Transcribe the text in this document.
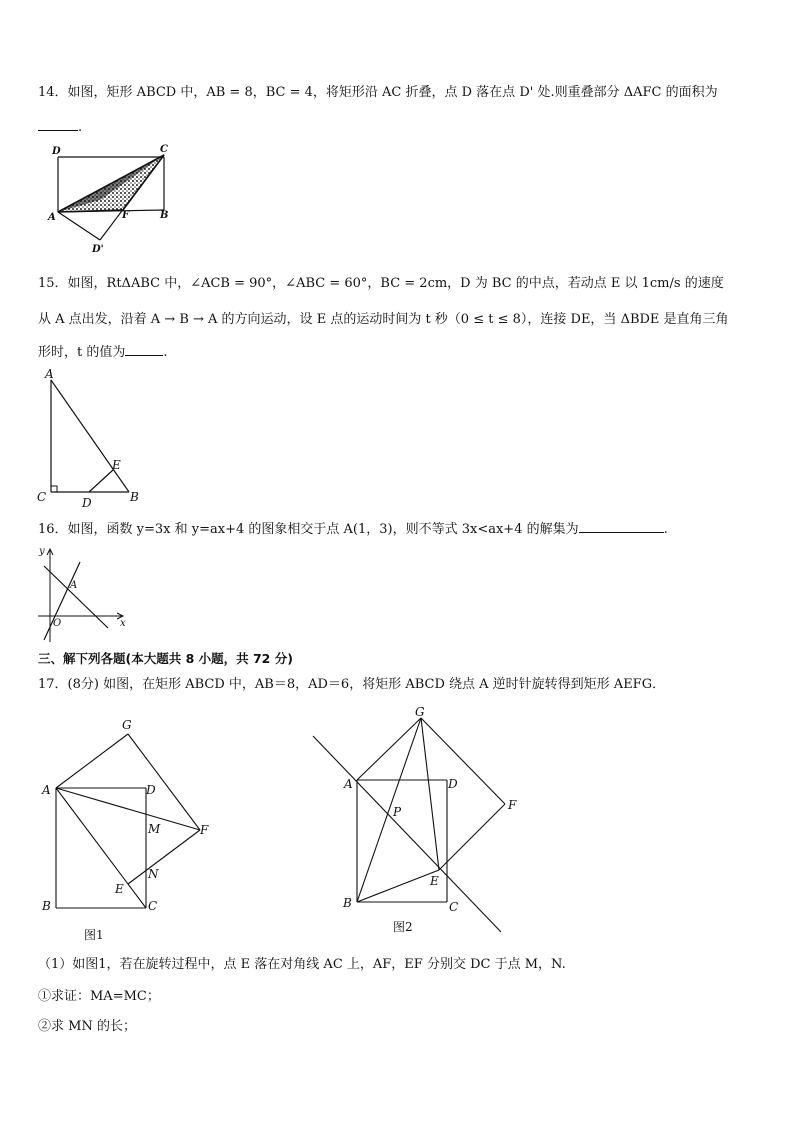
14．如图，矩形 ABCD 中，AB = 8，BC = 4，将矩形沿 AC 折叠，点 D 落在点 D' 处.则重叠部分 ΔAFC 的面积为
.
D	C
A	F	B
D'
15．如图，RtΔABC 中，∠ACB = 90°，∠ABC = 60°，BC = 2cm，D 为 BC 的中点，若动点 E 以 1cm/s 的速度
从 A 点出发，沿着 A → B → A 的方向运动，设 E 点的运动时间为 t 秒（0 ≤ t ≤ 8），连接 DE，当 ΔBDE 是直角三角
形时，t 的值为	.
A
E
C	D	B
16．如图，函数 y=3x 和 y=ax+4 的图象相交于点 A(1，3)，则不等式 3x<ax+4 的解集为	.
y
x
O
A
三、解下列各题(本大题共 8 小题，共 72 分)
17．(8分) 如图，在矩形 ABCD 中，AB＝8，AD＝6，将矩形 ABCD 绕点 A 逆时针旋转得到矩形 AEFG．
G
A	D
M	F
N
E
B	C
图1
G
A	D
F
P
E
B	C
图2
（1）如图1，若在旋转过程中，点 E 落在对角线 AC 上，AF，EF 分别交 DC 于点 M，N.
①求证：MA=MC；
②求 MN 的长；
